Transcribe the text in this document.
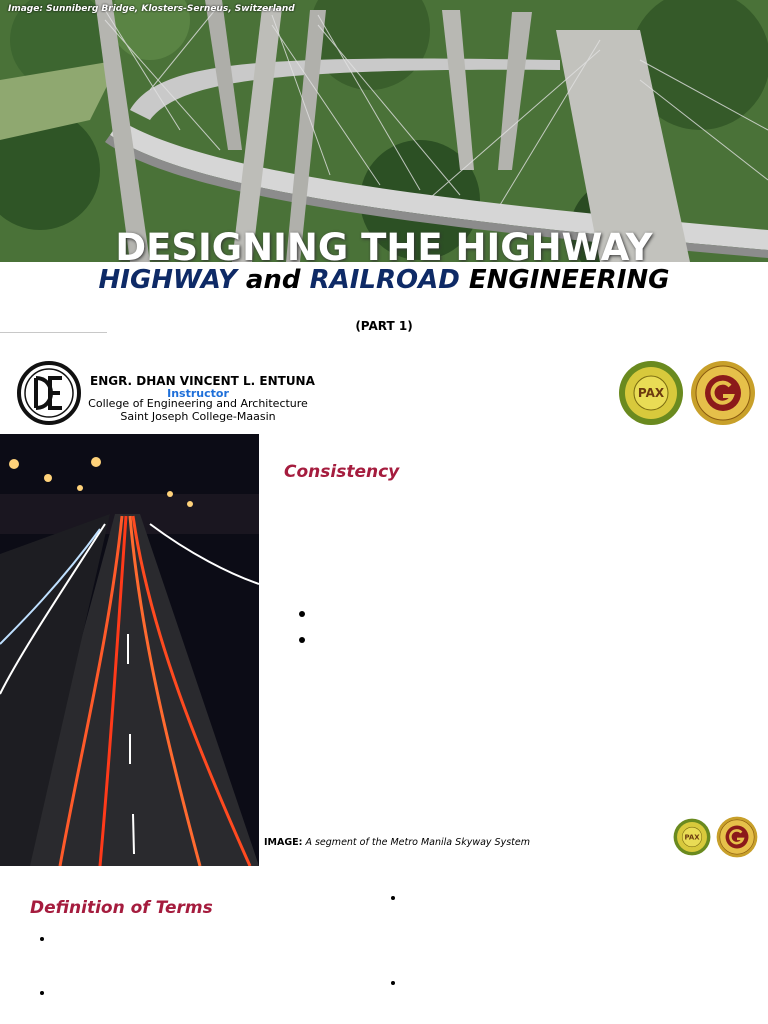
Image: Sunniberg Bridge, Klosters-Serneus, Switzerland
DESIGNING THE HIGHWAY
HIGHWAY and RAILROAD ENGINEERING
(PART 1)
ENGR. DHAN VINCENT L. ENTUNA
Instructor
College of Engineering and Architecture
Saint Joseph College-Maasin
PAX
Consistency
IMAGE: A segment of the Metro Manila Skyway System	PAX
Definition of Terms
